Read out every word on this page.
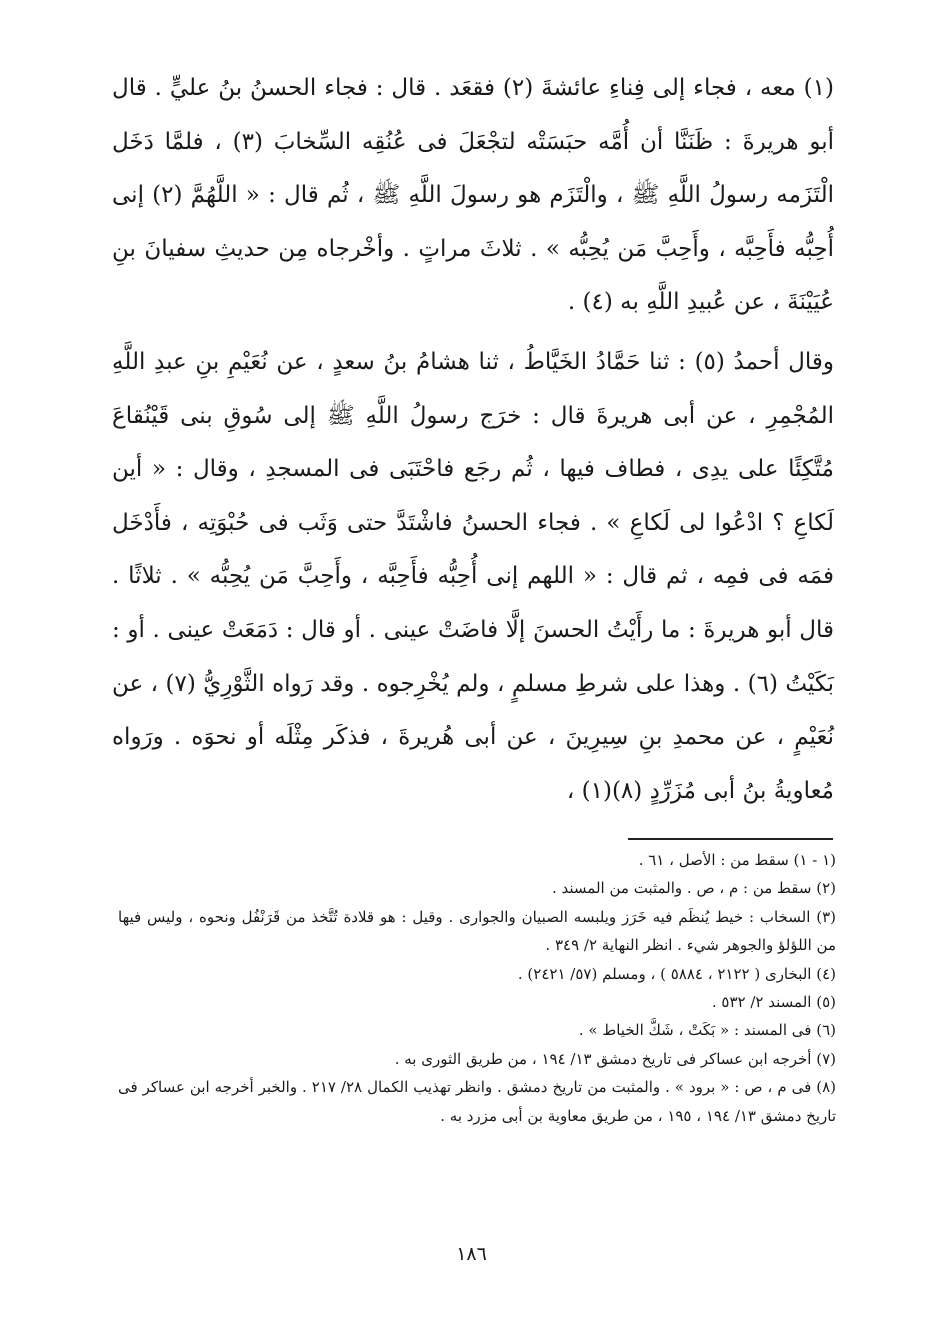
(١) معه ، فجاء إلى فِناءِ عائشةَ (٢) فقعَد . قال : فجاء الحسنُ بنُ عليٍّ . قال أبو هريرةَ : ظَنَنَّا أن أُمَّه حبَسَتْه لتجْعَلَ فى عُنُقِه السِّخابَ (٣) ، فلمَّا دَخَل الْتَزَمه رسولُ اللَّهِ ﷺ ، والْتَزَم هو رسولَ اللَّهِ ﷺ ، ثُم قال : « اللَّهُمَّ (٢) إنى أُحِبُّه فأَحِبَّه ، وأَحِبَّ مَن يُحِبُّه » . ثلاثَ مراتٍ . وأخْرجاه مِن حديثِ سفيانَ بنِ عُيَيْنَةَ ، عن عُبيدِ اللَّهِ به (٤) .

وقال أحمدُ (٥) : ثنا حَمَّادُ الخَيَّاطُ ، ثنا هشامُ بنُ سعدٍ ، عن نُعَيْمِ بنِ عبدِ اللَّهِ المُجْمِرِ ، عن أبى هريرةَ قال : خرَج رسولُ اللَّهِ ﷺ إلى سُوقِ بنى قَيْنُقاعَ مُتَّكِئًا على يدِى ، فطاف فيها ، ثُم رجَع فاحْتَبَى فى المسجدِ ، وقال : « أين لَكاعِ ؟ ادْعُوا لى لَكاعِ » . فجاء الحسنُ فاشْتَدَّ حتى وَثَب فى حُبْوَتِه ، فأَدْخَل فمَه فى فمِه ، ثم قال : « اللهم إنى أُحِبُّه فأَحِبَّه ، وأَحِبَّ مَن يُحِبُّه » . ثلاثًا . قال أبو هريرةَ : ما رأَيْتُ الحسنَ إلَّا فاضَتْ عينى . أو قال : دَمَعَتْ عينى . أو : بَكَيْتُ (٦) . وهذا على شرطِ مسلمٍ ، ولم يُخْرِجوه . وقد رَواه الثَّوْرِيُّ (٧) ، عن نُعَيْمٍ ، عن محمدِ بنِ سِيرِينَ ، عن أبى هُريرةَ ، فذكَر مِثْلَه أو نحوَه . ورَواه مُعاويةُ بنُ أبى مُزَرِّدٍ (٨)(١) ،

(١ - ١) سقط من : الأصل ، ٦١ .

(٢) سقط من : م ، ص . والمثبت من المسند .

(٣) السخاب : خيط يُنظَم فيه خَرَز ويلبسه الصبيان والجوارى . وقيل : هو قلادة تُتَّخذ من قَرَنْفُل ونحوه ، وليس فيها من اللؤلؤ والجوهر شيء . انظر النهاية ٢/ ٣٤٩ .

(٤) البخارى ( ٢١٢٢ ، ٥٨٨٤ ) ، ومسلم (٥٧/ ٢٤٢١) .

(٥) المسند ٢/ ٥٣٢ .

(٦) فى المسند : « بَكَتْ ، شَكَّ الخياط » .

(٧) أخرجه ابن عساكر فى تاريخ دمشق ١٣/ ١٩٤ ، من طريق الثورى به .

(٨) فى م ، ص : « برود » . والمثبت من تاريخ دمشق . وانظر تهذيب الكمال ٢٨/ ٢١٧ . والخبر أخرجه ابن عساكر فى تاريخ دمشق ١٣/ ١٩٤ ، ١٩٥ ، من طريق معاوية بن أبى مزرد به .

١٨٦
